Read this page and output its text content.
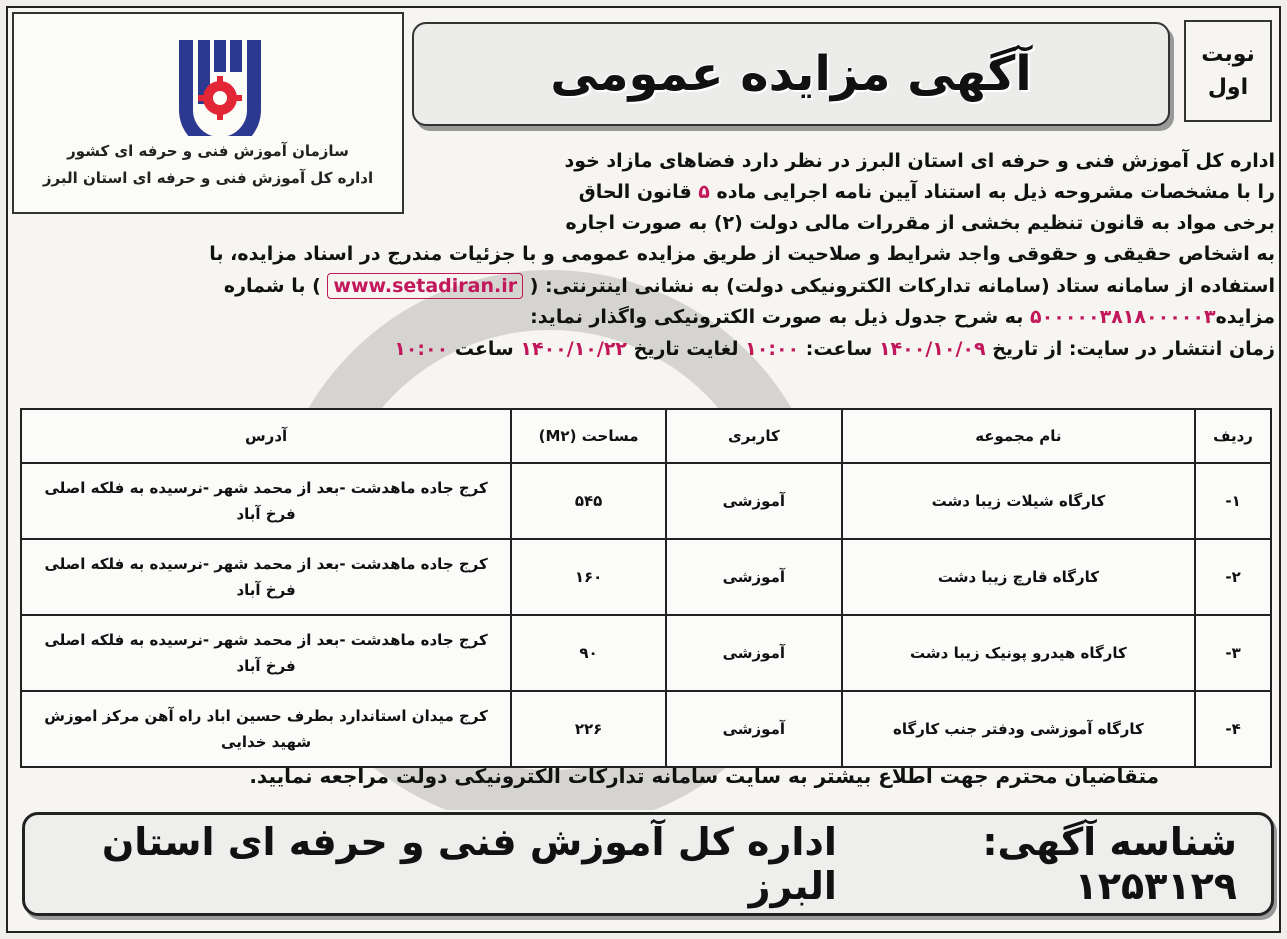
سازمان آموزش فنی و حرفه ای کشور
اداره کل آموزش فنی و حرفه ای استان البرز
آگهی مزایده عمومی	نوبت
اول

اداره کل آموزش فنی و حرفه ای استان البرز در نظر دارد فضاهای مازاد خود

را با مشخصات مشروحه ذیل به استناد آیین نامه اجرایی ماده ۵ قانون الحاق

برخی مواد به قانون تنظیم بخشی از مقررات مالی دولت (۲) به صورت اجاره

به اشخاص حقیقی و حقوقی واجد شرایط و صلاحیت از طریق مزایده عمومی و با جزئیات مندرج در اسناد مزایده، با

استفاده از سامانه ستاد (سامانه تدارکات الکترونیکی دولت) به نشانی اینترنتی: ( www.setadiran.ir ) با شماره

مزایده۵۰۰۰۰۰۳۸۱۸۰۰۰۰۰۳ به شرح جدول ذیل به صورت الکترونیکی واگذار نماید:

زمان انتشار در سایت: از تاریخ ۱۴۰۰/۱۰/۰۹ ساعت: ۱۰:۰۰ لغایت تاریخ ۱۴۰۰/۱۰/۲۲ ساعت ۱۰:۰۰

ردیف	نام مجموعه	کاربری	مساحت (M۲)	آدرس
۱-	کارگاه شیلات زیبا دشت	آموزشی	۵۴۵	کرج جاده ماهدشت -بعد از محمد شهر -نرسیده به فلکه اصلی فرخ آباد
۲-	کارگاه قارچ زیبا دشت	آموزشی	۱۶۰	کرج جاده ماهدشت -بعد از محمد شهر -نرسیده به فلکه اصلی فرخ آباد
۳-	کارگاه هیدرو پونیک زیبا دشت	آموزشی	۹۰	کرج جاده ماهدشت -بعد از محمد شهر -نرسیده به فلکه اصلی فرخ آباد
۴-	کارگاه آموزشی ودفتر جنب کارگاه	آموزشی	۲۲۶	کرج میدان استاندارد بطرف حسین اباد راه آهن مرکز اموزش شهید خدایی
متقاضیان محترم جهت اطلاع بیشتر به سایت سامانه تدارکات الکترونیکی دولت مراجعه نمایید.
شناسه آگهی: ۱۲۵۳۱۲۹
اداره کل آموزش فنی و حرفه ای استان البرز
